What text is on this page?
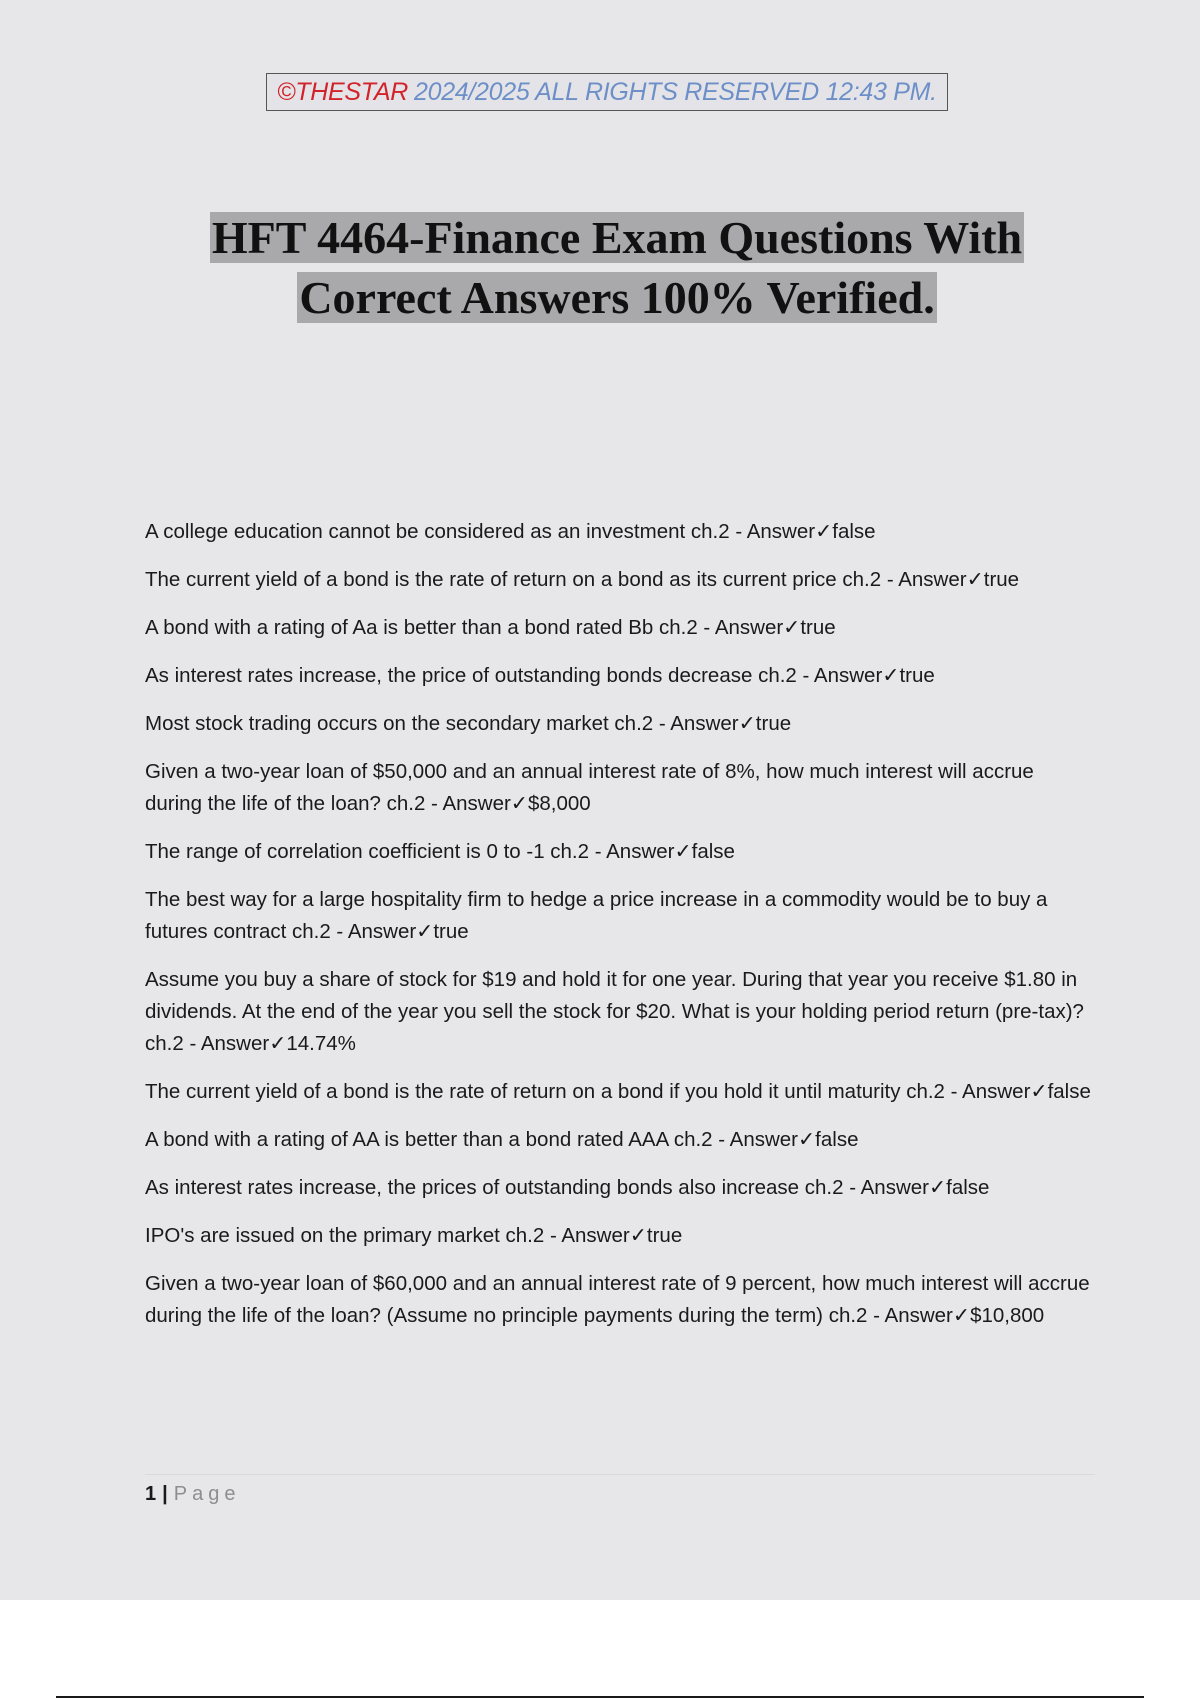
©THESTAR 2024/2025 ALL RIGHTS RESERVED 12:43 PM.
HFT 4464-Finance Exam Questions With
Correct Answers 100% Verified.

A college education cannot be considered as an investment ch.2 - Answer✓false

The current yield of a bond is the rate of return on a bond as its current price ch.2 - Answer✓true

A bond with a rating of Aa is better than a bond rated Bb ch.2 - Answer✓true

As interest rates increase, the price of outstanding bonds decrease ch.2 - Answer✓true

Most stock trading occurs on the secondary market ch.2 - Answer✓true

Given a two-year loan of $50,000 and an annual interest rate of 8%, how much interest will accrue during the life of the loan? ch.2 - Answer✓$8,000

The range of correlation coefficient is 0 to -1 ch.2 - Answer✓false

The best way for a large hospitality firm to hedge a price increase in a commodity would be to buy a futures contract ch.2 - Answer✓true

Assume you buy a share of stock for $19 and hold it for one year. During that year you receive $1.80 in dividends. At the end of the year you sell the stock for $20. What is your holding period return (pre-tax)? ch.2 - Answer✓14.74%

The current yield of a bond is the rate of return on a bond if you hold it until maturity ch.2 - Answer✓false

A bond with a rating of AA is better than a bond rated AAA ch.2 - Answer✓false

As interest rates increase, the prices of outstanding bonds also increase ch.2 - Answer✓false

IPO's are issued on the primary market ch.2 - Answer✓true

Given a two-year loan of $60,000 and an annual interest rate of 9 percent, how much interest will accrue during the life of the loan? (Assume no principle payments during the term) ch.2 - Answer✓$10,800

1 | Page
